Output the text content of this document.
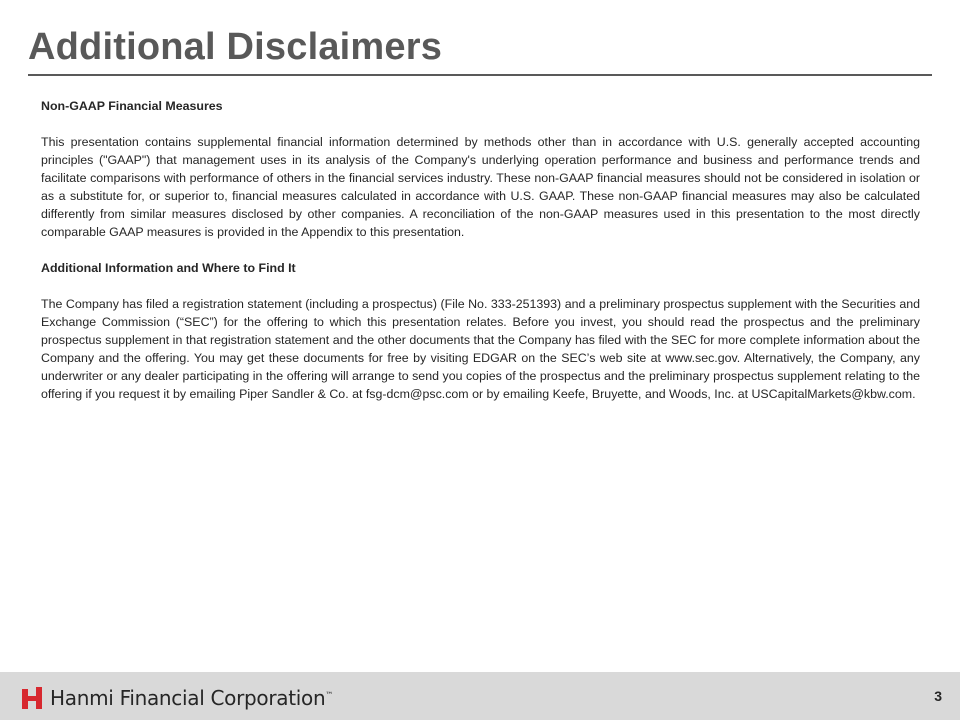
Additional Disclaimers
Non-GAAP Financial Measures

This presentation contains supplemental financial information determined by methods other than in accordance with U.S. generally accepted accounting principles ("GAAP") that management uses in its analysis of the Company's underlying operation performance and business and performance trends and facilitate comparisons with performance of others in the financial services industry. These non-GAAP financial measures should not be considered in isolation or as a substitute for, or superior to, financial measures calculated in accordance with U.S. GAAP. These non-GAAP financial measures may also be calculated differently from similar measures disclosed by other companies. A reconciliation of the non-GAAP measures used in this presentation to the most directly comparable GAAP measures is provided in the Appendix to this presentation.

Additional Information and Where to Find It

The Company has filed a registration statement (including a prospectus) (File No. 333-251393) and a preliminary prospectus supplement with the Securities and Exchange Commission (“SEC”) for the offering to which this presentation relates. Before you invest, you should read the prospectus and the preliminary prospectus supplement in that registration statement and the other documents that the Company has filed with the SEC for more complete information about the Company and the offering. You may get these documents for free by visiting EDGAR on the SEC’s web site at www.sec.gov. Alternatively, the Company, any underwriter or any dealer participating in the offering will arrange to send you copies of the prospectus and the preliminary prospectus supplement relating to the offering if you request it by emailing Piper Sandler & Co. at fsg-dcm@psc.com or by emailing Keefe, Bruyette, and Woods, Inc. at USCapitalMarkets@kbw.com.

Hanmi Financial Corporation™	3
